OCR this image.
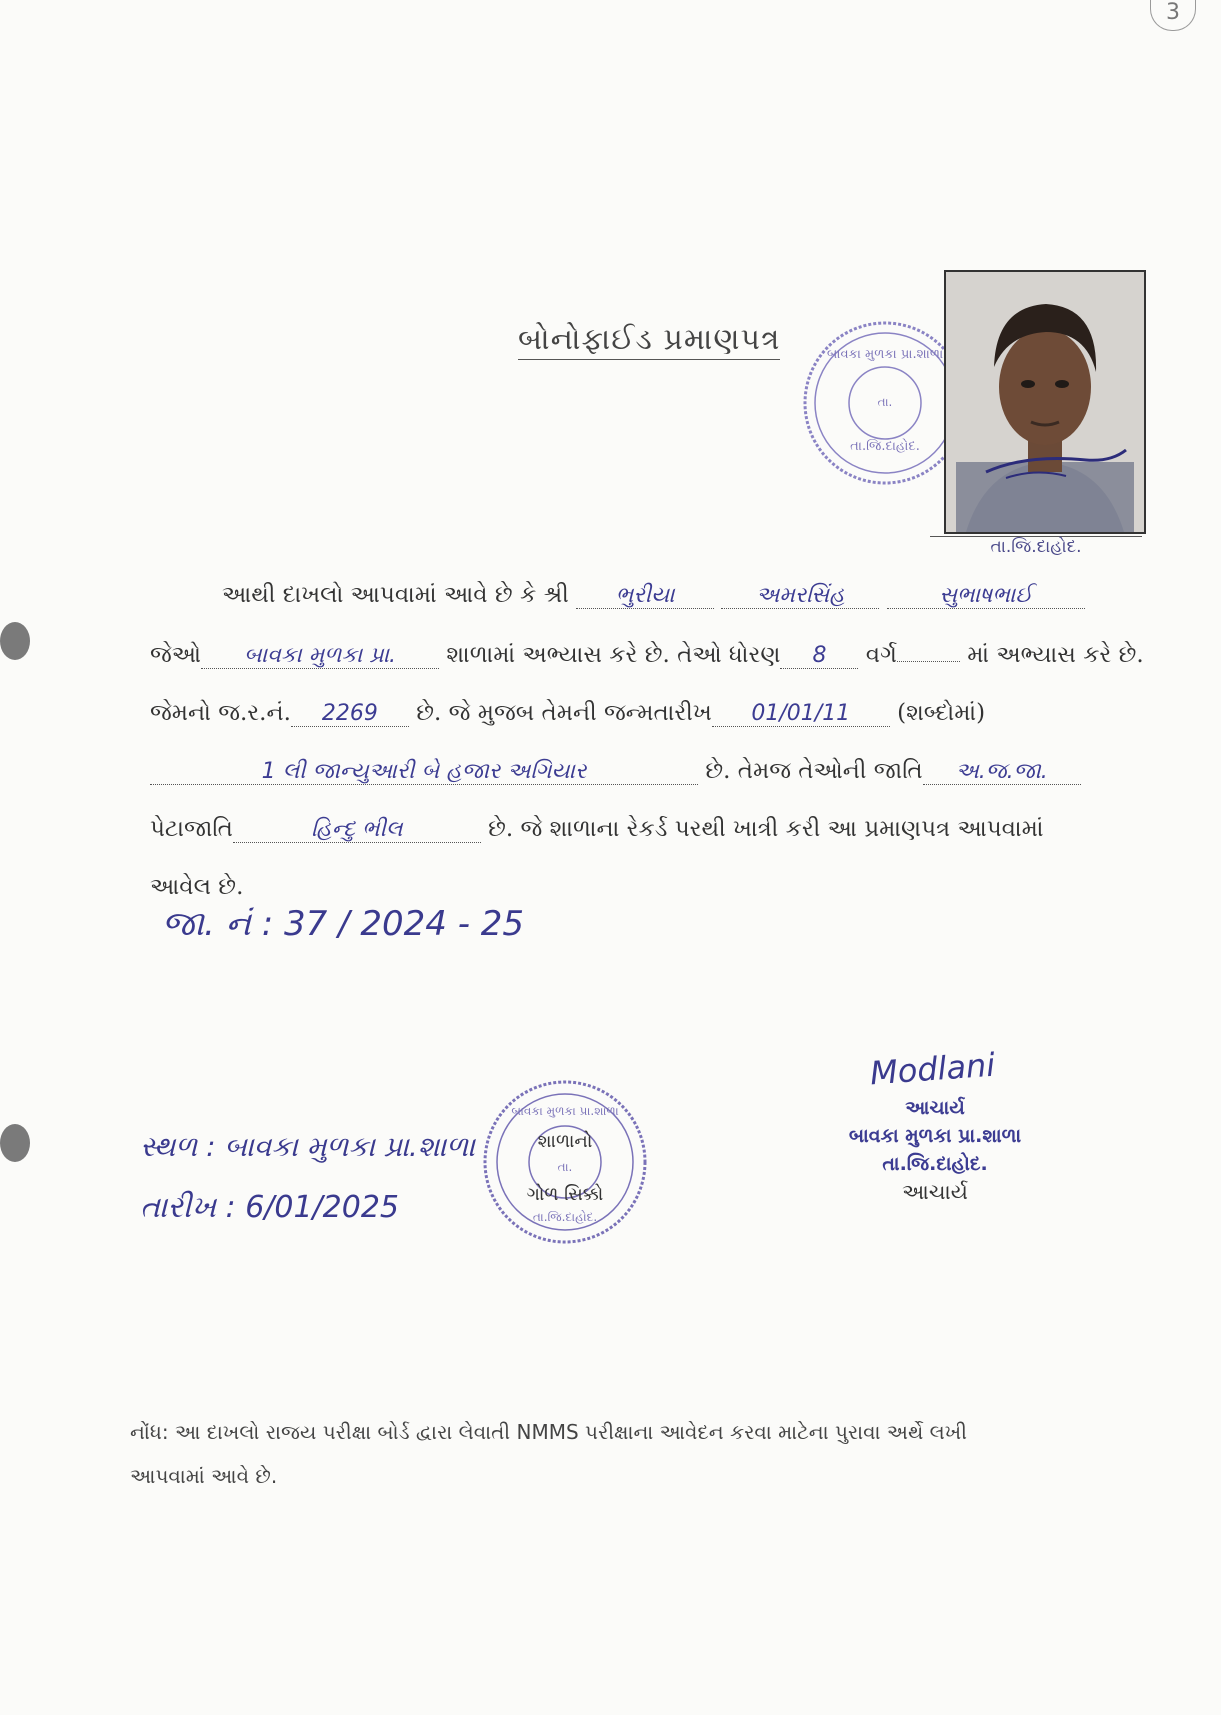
3
બોનોફાઈડ પ્રમાણપત્ર
તા.
તા.જિ.દાહોદ.
બાવકા મુળકા પ્રા.શાળા
તા.જિ.દાહોદ.
આથી દાખલો આપવામાં આવે છે કે શ્રી ભુરીયા	અમરસિંહ	સુભાષભાઈ
જેઓ બાવકા મુળકા પ્રા. શાળામાં અભ્યાસ કરે છે. તેઓ ધોરણ 8 વર્ગ	માં અભ્યાસ કરે છે.
જેમનો જ.ર.નં. 2269 છે. જે મુજબ તેમની જન્મતારીખ 01/01/11 (શબ્દોમાં)
1 લી જાન્યુઆરી બે હજાર અગિયાર	છે. તેમજ તેઓની જાતિ અ.જ.જા.
પેટાજાતિ	હિન્દુ ભીલ	છે. જે શાળાના રેકર્ડ પરથી ખાત્રી કરી આ પ્રમાણપત્ર આપવામાં
આવેલ છે.
જા. નં : 37 / 2024 - 25
સ્થળ : બાવકા મુળકા પ્રા.શાળા
તારીખ : 6/01/2025
બાવકા મુળકા પ્રા.શાળા
શાળાનો
તા.
ગોળ સિક્કો
તા.જિ.દાહોદ.
Modlani
આચાર્ય
બાવકા મુળકા પ્રા.શાળા
તા.જિ.દાહોદ.
આચાર્ય
નોંધ: આ દાખલો રાજય પરીક્ષા બોર્ડ દ્વારા લેવાતી NMMS પરીક્ષાના આવેદન કરવા માટેના પુરાવા અર્થે લખી
આપવામાં આવે છે.
